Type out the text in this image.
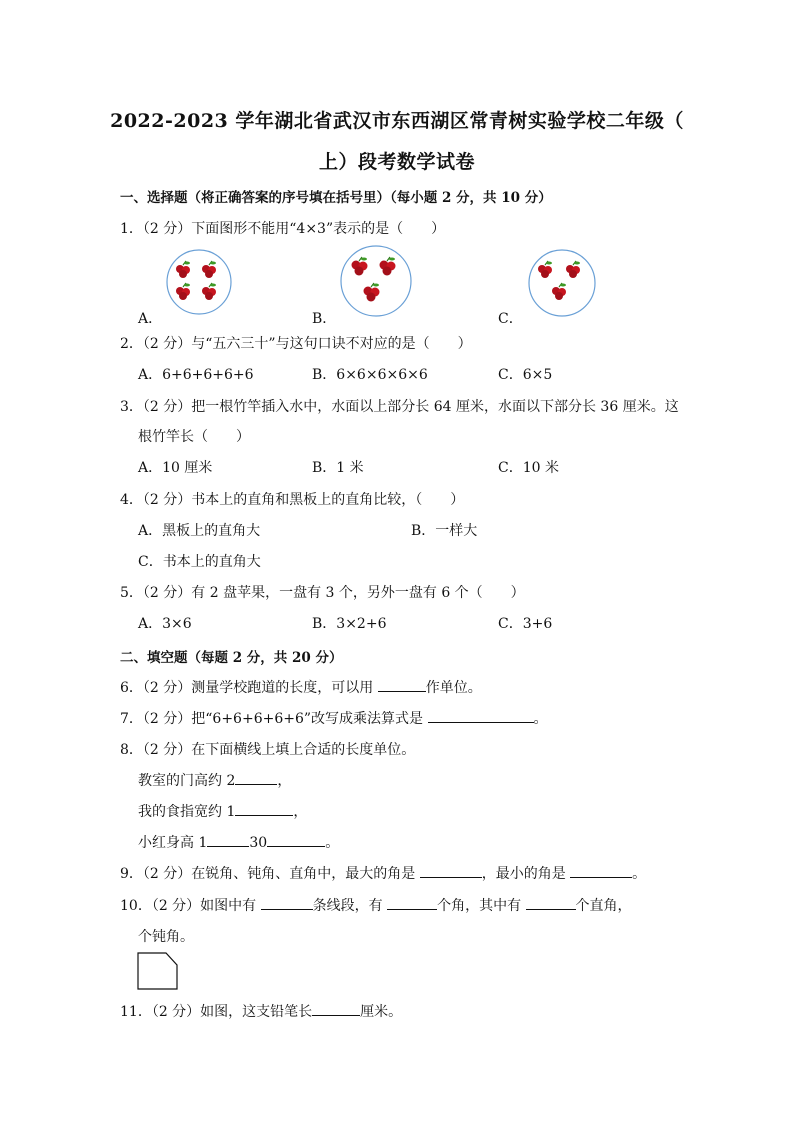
2022-2023 学年湖北省武汉市东西湖区常青树实验学校二年级（
上）段考数学试卷
一、选择题（将正确答案的序号填在括号里）（每小题 2 分，共 10 分）
1．（2 分）下面图形不能用“4×3”表示的是（　　）
A．	B．	C．
2．（2 分）与“五六三十”与这句口诀不对应的是（　　）
A．6+6+6+6+6	B．6×6×6×6×6	C．6×5
3．（2 分）把一根竹竿插入水中，水面以上部分长 64 厘米，水面以下部分长 36 厘米。这
根竹竿长（　　）
A．10 厘米	B．1 米	C．10 米
4．（2 分）书本上的直角和黑板上的直角比较，（　　）
A．黑板上的直角大	B．一样大
C．书本上的直角大
5．（2 分）有 2 盘苹果，一盘有 3 个，另外一盘有 6 个（　　）
A．3×6	B．3×2+6	C．3+6
二、填空题（每题 2 分，共 20 分）
6．（2 分）测量学校跑道的长度，可以用	作单位。
7．（2 分）把“6+6+6+6+6”改写成乘法算式是	。
8．（2 分）在下面横线上填上合适的长度单位。
教室的门高约 2	，
我的食指宽约 1	，
小红身高 1	30	。
9．（2 分）在锐角、钝角、直角中，最大的角是	，最小的角是	。
10．（2 分）如图中有	条线段，有	个角，其中有	个直角，
个钝角。
11．（2 分）如图，这支铅笔长	厘米。
